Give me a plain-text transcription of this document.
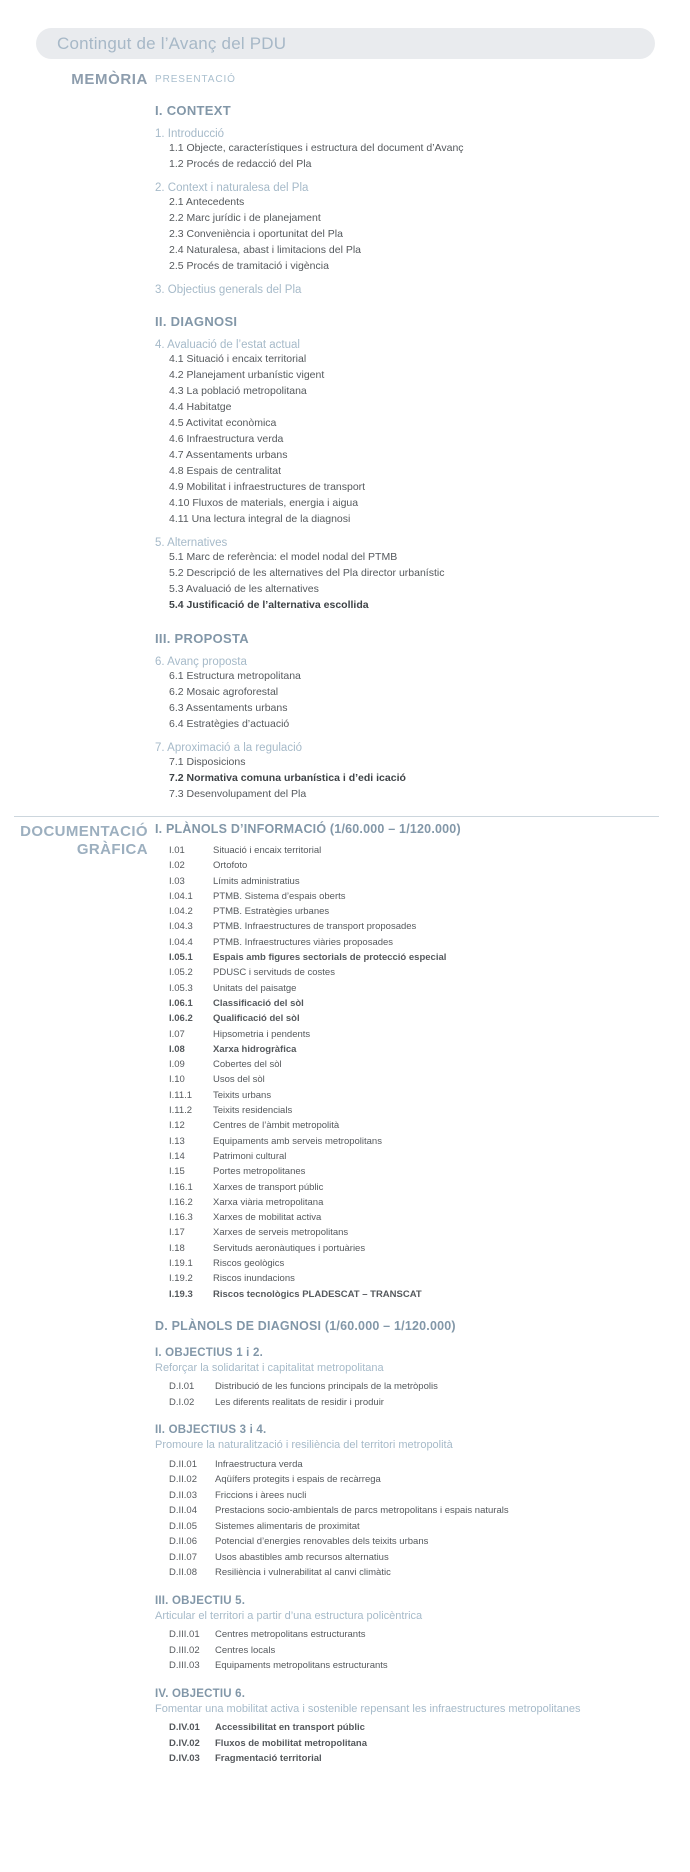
Contingut de l’Avanç del PDU
MEMÒRIA PRESENTACIÓ
I. CONTEXT
1. Introducció
1.1 Objecte, característiques i estructura del document d’Avanç
1.2 Procés de redacció del Pla
2. Context i naturalesa del Pla
2.1 Antecedents
2.2 Marc jurídic i de planejament
2.3 Conveniència i oportunitat del Pla
2.4 Naturalesa, abast i limitacions del Pla
2.5 Procés de tramitació i vigència
3. Objectius generals del Pla
II. DIAGNOSI
4. Avaluació de l’estat actual
4.1 Situació i encaix territorial
4.2 Planejament urbanístic vigent
4.3 La població metropolitana
4.4 Habitatge
4.5 Activitat econòmica
4.6 Infraestructura verda
4.7 Assentaments urbans
4.8 Espais de centralitat
4.9 Mobilitat i infraestructures de transport
4.10 Fluxos de materials, energia i aigua
4.11 Una lectura integral de la diagnosi
5. Alternatives
5.1 Marc de referència: el model nodal del PTMB
5.2 Descripció de les alternatives del Pla director urbanístic
5.3 Avaluació de les alternatives
5.4 Justificació de l’alternativa escollida
III. PROPOSTA
6. Avanç proposta
6.1 Estructura metropolitana
6.2 Mosaic agroforestal
6.3 Assentaments urbans
6.4 Estratègies d’actuació
7. Aproximació a la regulació
7.1 Disposicions
7.2 Normativa comuna urbanística i d’edi icació
7.3 Desenvolupament del Pla
DOCUMENTACIÓ
GRÀFICA
I. PLÀNOLS D’INFORMACIÓ (1/60.000 – 1/120.000)
I.01	Situació i encaix territorial
I.02	Ortofoto
I.03	Límits administratius
I.04.1	PTMB. Sistema d’espais oberts
I.04.2	PTMB. Estratègies urbanes
I.04.3	PTMB. Infraestructures de transport proposades
I.04.4	PTMB. Infraestructures viàries proposades
I.05.1	Espais amb figures sectorials de protecció especial
I.05.2	PDUSC i servituds de costes
I.05.3	Unitats del paisatge
I.06.1	Classificació del sòl
I.06.2	Qualificació del sòl
I.07	Hipsometria i pendents
I.08	Xarxa hidrogràfica
I.09	Cobertes del sòl
I.10	Usos del sòl
I.11.1	Teixits urbans
I.11.2	Teixits residencials
I.12	Centres de l’àmbit metropolità
I.13	Equipaments amb serveis metropolitans
I.14	Patrimoni cultural
I.15	Portes metropolitanes
I.16.1	Xarxes de transport públic
I.16.2	Xarxa viària metropolitana
I.16.3	Xarxes de mobilitat activa
I.17	Xarxes de serveis metropolitans
I.18	Servituds aeronàutiques i portuàries
I.19.1	Riscos geològics
I.19.2	Riscos inundacions
I.19.3	Riscos tecnològics PLADESCAT – TRANSCAT
D. PLÀNOLS DE DIAGNOSI (1/60.000 – 1/120.000)
I. OBJECTIUS 1 i 2.
Reforçar la solidaritat i capitalitat metropolitana
D.I.01	Distribució de les funcions principals de la metròpolis
D.I.02	Les diferents realitats de residir i produir
II. OBJECTIUS 3 i 4.
Promoure la naturalització i resiliència del territori metropolità
D.II.01	Infraestructura verda
D.II.02	Aqüífers protegits i espais de recàrrega
D.II.03	Friccions i àrees nucli
D.II.04	Prestacions socio-ambientals de parcs metropolitans i espais naturals
D.II.05	Sistemes alimentaris de proximitat
D.II.06	Potencial d’energies renovables dels teixits urbans
D.II.07	Usos abastibles amb recursos alternatius
D.II.08	Resiliència i vulnerabilitat al canvi climàtic
III. OBJECTIU 5.
Articular el territori a partir d’una estructura policèntrica
D.III.01	Centres metropolitans estructurants
D.III.02	Centres locals
D.III.03	Equipaments metropolitans estructurants
IV. OBJECTIU 6.
Fomentar una mobilitat activa i sostenible repensant les infraestructures metropolitanes
D.IV.01	Accessibilitat en transport públic
D.IV.02	Fluxos de mobilitat metropolitana
D.IV.03	Fragmentació territorial
